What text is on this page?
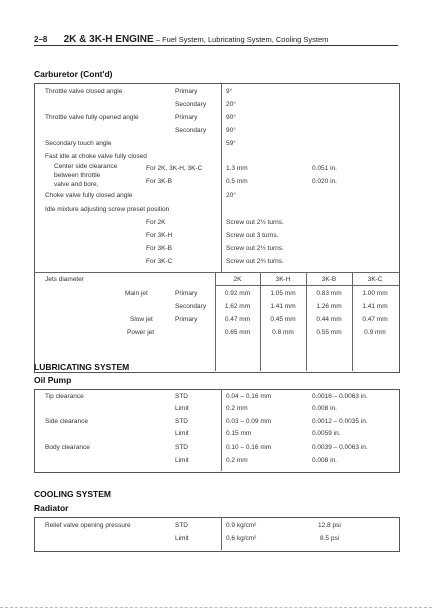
2–8 2K & 3K-H ENGINE – Fuel System, Lubricating System, Cooling System
Carburetor (Cont'd)
Throttle valve closed angle	Primary	9°
Secondary	20°
Throttle valve fully opened angle	Primary	90°
Secondary	90°
Secondary touch angle	59°
Fast idle at choke valve fully closed
Center side clearance
between throttle
valve and bore,
For 2K, 3K-H, 3K-C	1.3 mm	0.051 in.
For 3K-B	0.5 mm	0.020 in.
Choke valve fully closed angle	20°
Idle mixture adjusting screw preset position
For 2K	Screw out 2½ turns.
For 3K-H	Screw out 3 turns.
For 3K-B	Screw out 2½ turns.
For 3K-C	Screw out 2¾ turns.
Jets diameter	2K	3K-H	3K-B	3K-C
Main jet	Primary	0.92 mm	1.05 mm	0.83 mm	1.00 mm
Secondary	1.62 mm	1.41 mm	1.26 mm	1.41 mm
Slow jet	Primary	0.47 mm	0.45 mm	0.44 mm	0.47 mm
Power jet	0.65 mm	0.8 mm	0.55 mm	0.9 mm
LUBRICATING SYSTEM
Oil Pump
Tip clearance	STD	0.04 – 0.16 mm	0.0016 – 0.0063 in.
Limit	0.2 mm	0.008 in.
Side clearance	STD	0.03 – 0.09 mm	0.0012 – 0.0035 in.
Limit	0.15 mm	0.0059 in.
Body clearance	STD	0.10 – 0.16 mm	0.0039 – 0.0063 in.
Limit	0.2 mm	0.008 in.
COOLING SYSTEM
Radiator
Relief valve opening pressure	STD	0.9 kg/cm²	12.8 psi
Limit	0.6 kg/cm²	8.5 psi
